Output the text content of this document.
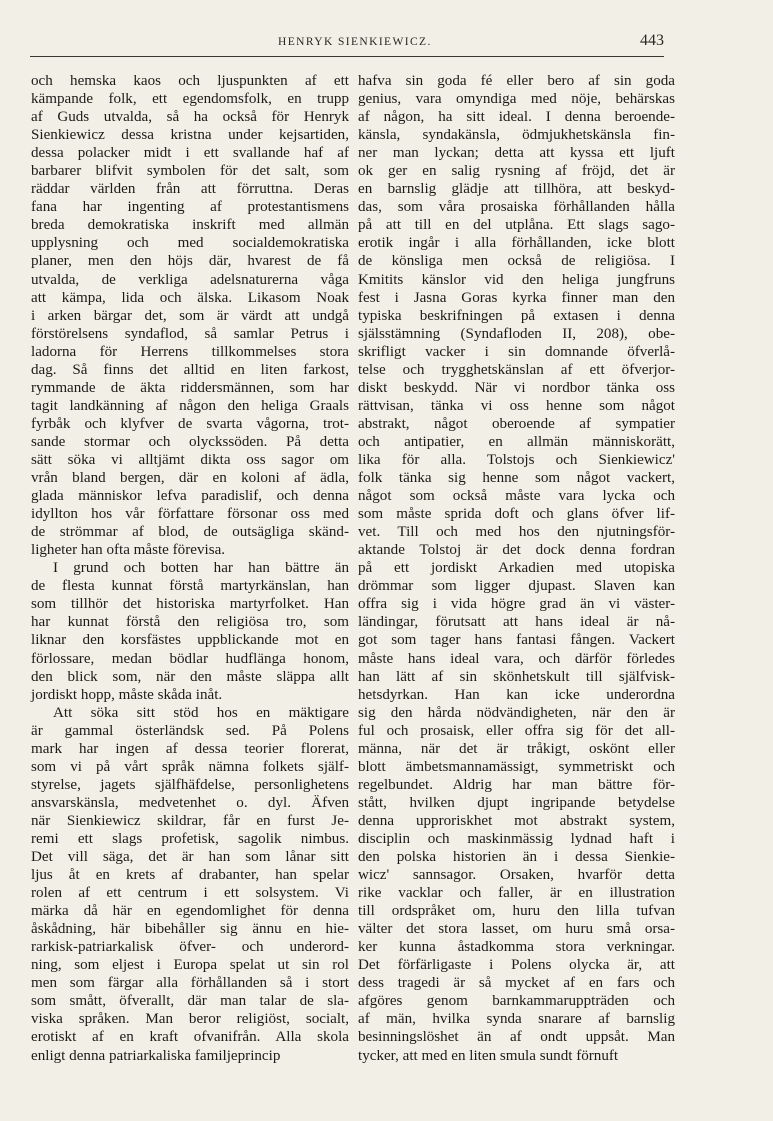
HENRYK SIENKIEWICZ.	443
och hemska kaos och ljuspunkten af ett
kämpande folk, ett egendomsfolk, en trupp
af Guds utvalda, så ha också för Henryk
Sienkiewicz dessa kristna under kejsartiden,
dessa polacker midt i ett svallande haf af
barbarer blifvit symbolen för det salt, som
räddar världen från att förruttna. Deras
fana har ingenting af protestantismens
breda demokratiska inskrift med allmän
upplysning och med socialdemokratiska
planer, men den höjs där, hvarest de få
utvalda, de verkliga adelsnaturerna våga
att kämpa, lida och älska. Likasom Noak
i arken bärgar det, som är värdt att undgå
förstörelsens syndaflod, så samlar Petrus i
ladorna för Herrens tillkommelses stora
dag. Så finns det alltid en liten farkost,
rymmande de äkta riddersmännen, som har
tagit landkänning af någon den heliga Graals
fyrbåk och klyfver de svarta vågorna, trot-
sande stormar och olyckssöden. På detta
sätt söka vi alltjämt dikta oss sagor om
vrån bland bergen, där en koloni af ädla,
glada människor lefva paradislif, och denna
idyllton hos vår författare försonar oss med
de strömmar af blod, de outsägliga skänd-
ligheter han ofta måste förevisa.
I grund och botten har han bättre än
de flesta kunnat förstå martyrkänslan, han
som tillhör det historiska martyrfolket. Han
har kunnat förstå den religiösa tro, som
liknar den korsfästes uppblickande mot en
förlossare, medan bödlar hudflänga honom,
den blick som, när den måste släppa allt
jordiskt hopp, måste skåda inåt.
Att söka sitt stöd hos en mäktigare
är gammal österländsk sed. På Polens
mark har ingen af dessa teorier florerat,
som vi på vårt språk nämna folkets själf-
styrelse, jagets själfhäfdelse, personlighetens
ansvarskänsla, medvetenhet o. dyl. Äfven
när Sienkiewicz skildrar, får en furst Je-
remi ett slags profetisk, sagolik nimbus.
Det vill säga, det är han som lånar sitt
ljus åt en krets af drabanter, han spelar
rolen af ett centrum i ett solsystem. Vi
märka då här en egendomlighet för denna
åskådning, här bibehåller sig ännu en hie-
rarkisk-patriarkalisk öfver- och underord-
ning, som eljest i Europa spelat ut sin rol
men som färgar alla förhållanden så i stort
som smått, öfverallt, där man talar de sla-
viska språken. Man beror religiöst, socialt,
erotiskt af en kraft ofvanifrån. Alla skola
enligt denna patriarkaliska familjeprincip
hafva sin goda fé eller bero af sin goda
genius, vara omyndiga med nöje, behärskas
af någon, ha sitt ideal. I denna beroende-
känsla, syndakänsla, ödmjukhetskänsla fin-
ner man lyckan; detta att kyssa ett ljuft
ok ger en salig rysning af fröjd, det är
en barnslig glädje att tillhöra, att beskyd-
das, som våra prosaiska förhållanden hålla
på att till en del utplåna. Ett slags sago-
erotik ingår i alla förhållanden, icke blott
de könsliga men också de religiösa. I
Kmitits känslor vid den heliga jungfruns
fest i Jasna Goras kyrka finner man den
typiska beskrifningen på extasen i denna
själsstämning (Syndafloden II, 208), obe-
skrifligt vacker i sin domnande öfverlå-
telse och trygghetskänslan af ett öfverjor-
diskt beskydd. När vi nordbor tänka oss
rättvisan, tänka vi oss henne som något
abstrakt, något oberoende af sympatier
och antipatier, en allmän människorätt,
lika för alla. Tolstojs och Sienkiewicz'
folk tänka sig henne som något vackert,
något som också måste vara lycka och
som måste sprida doft och glans öfver lif-
vet. Till och med hos den njutningsför-
aktande Tolstoj är det dock denna fordran
på ett jordiskt Arkadien med utopiska
drömmar som ligger djupast. Slaven kan
offra sig i vida högre grad än vi väster-
ländingar, förutsatt att hans ideal är nå-
got som tager hans fantasi fången. Vackert
måste hans ideal vara, och därför förledes
han lätt af sin skönhetskult till själfvisk-
hetsdyrkan. Han kan icke underordna
sig den hårda nödvändigheten, när den är
ful och prosaisk, eller offra sig för det all-
männa, när det är tråkigt, oskönt eller
blott ämbetsmannamässigt, symmetriskt och
regelbundet. Aldrig har man bättre för-
stått, hvilken djupt ingripande betydelse
denna upproriskhet mot abstrakt system,
disciplin och maskinmässig lydnad haft i
den polska historien än i dessa Sienkie-
wicz' sannsagor. Orsaken, hvarför detta
rike vacklar och faller, är en illustration
till ordspråket om, huru den lilla tufvan
välter det stora lasset, om huru små orsa-
ker kunna åstadkomma stora verkningar.
Det förfärligaste i Polens olycka är, att
dess tragedi är så mycket af en fars och
afgöres genom barnkammaruppträden och
af män, hvilka synda snarare af barnslig
besinningslöshet än af ondt uppsåt. Man
tycker, att med en liten smula sundt förnuft
